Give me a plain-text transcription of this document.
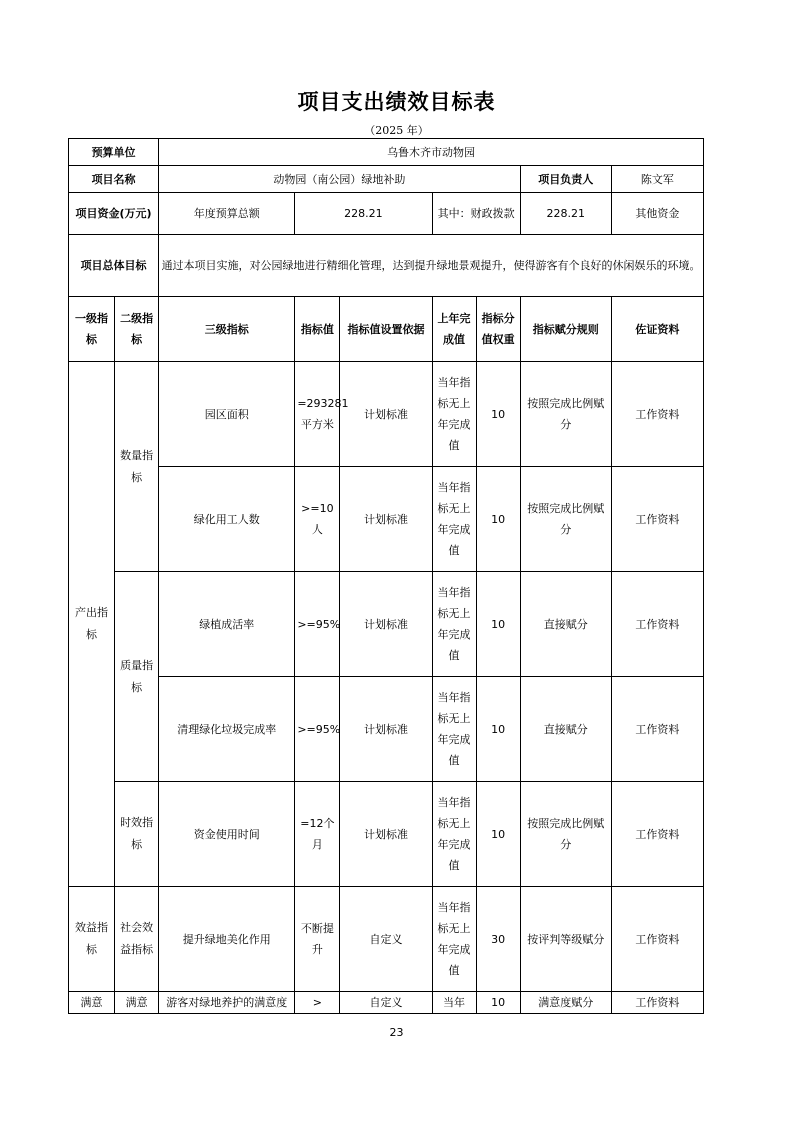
项目支出绩效目标表
（2025 年）
预算单位		乌鲁木齐市动物园						
项目名称		动物园（南公园）绿地补助					项目负责人	陈文军
项目资金(万元)		年度预算总额	228.21		其中：财政拨款		228.21	其他资金
项目总体目标		通过本项目实施，对公园绿地进行精细化管理，达到提升绿地景观提升，使得游客有个良好的休闲娱乐的环境。						
一级指标	二级指标	三级指标	指标值	指标值设置依据	上年完成值	指标分值权重	指标赋分规则	佐证资料
产出指标	数量指标	园区面积	=293281平方米	计划标准	当年指标无上年完成值	10	按照完成比例赋分	工作资料
		绿化用工人数	>=10人	计划标准	当年指标无上年完成值	10	按照完成比例赋分	工作资料
	质量指标	绿植成活率	>=95%	计划标准	当年指标无上年完成值	10	直接赋分	工作资料
		清理绿化垃圾完成率	>=95%	计划标准	当年指标无上年完成值	10	直接赋分	工作资料
	时效指标	资金使用时间	=12个月	计划标准	当年指标无上年完成值	10	按照完成比例赋分	工作资料
效益指标	社会效益指标	提升绿地美化作用	不断提升	自定义	当年指标无上年完成值	30	按评判等级赋分	工作资料
满意	满意	游客对绿地养护的满意度	>	自定义	当年	10	满意度赋分	工作资料
23
